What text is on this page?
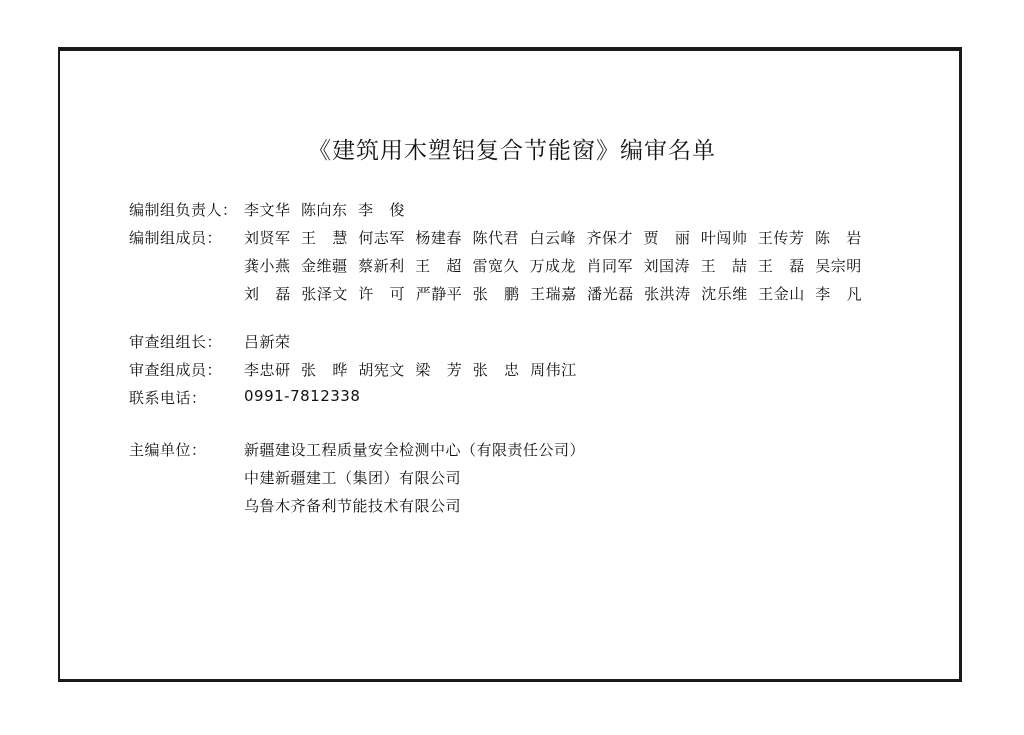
《建筑用木塑铝复合节能窗》编审名单
编制组负责人： 李文华  陈向东  李   俊
编制组成员： 刘贤军  王   慧  何志军  杨建春  陈代君  白云峰  齐保才  贾   丽  叶闯帅  王传芳  陈   岩
龚小燕  金维疆  蔡新利  王   超  雷宽久  万成龙  肖同军  刘国涛  王   喆  王   磊  吴宗明
刘   磊  张泽文  许   可  严静平  张   鹏  王瑞嘉  潘光磊  张洪涛  沈乐维  王金山  李   凡
审查组组长： 吕新荣
审查组成员： 李忠研  张   晔  胡宪文  梁   芳  张   忠  周伟江
联系电话： 0991-7812338
主编单位： 新疆建设工程质量安全检测中心（有限责任公司）
中建新疆建工（集团）有限公司
乌鲁木齐备利节能技术有限公司
